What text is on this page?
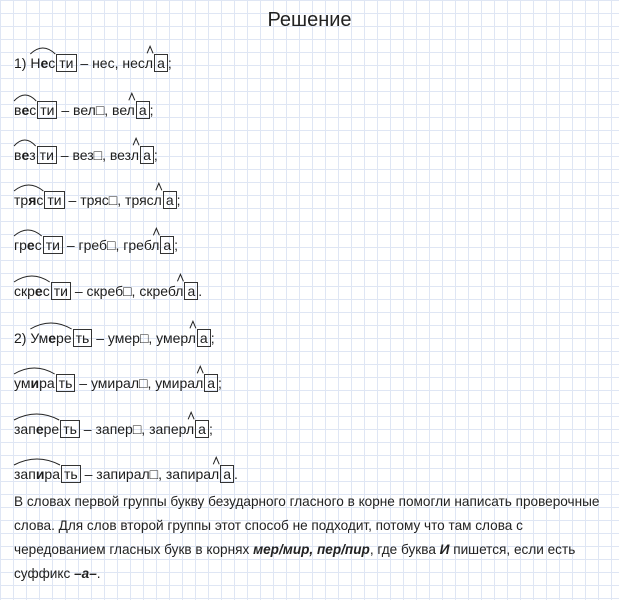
Решение
1) Нес ти – нес, несл а ;
вес ти – вел□, вел а ;
вез ти – вез□, везл а ;
тряс ти – тряс□, трясл а ;
грес ти – греб□, гребл а ;
скрес ти – скреб□, скребл а .
2) Умере ть – умер□, умерл а ;
умира ть – умирал□, умирал а ;
запере ть – запер□, заперл а ;
запира ть – запирал□, запирал а .
В словах первой группы букву безударного гласного в корне помогли написать проверочные слова. Для слов второй группы этот способ не подходит, потому что там слова с чередованием гласных букв в корнях мер/мир, пер/пир, где буква И пишется, если есть суффикс –а–.
